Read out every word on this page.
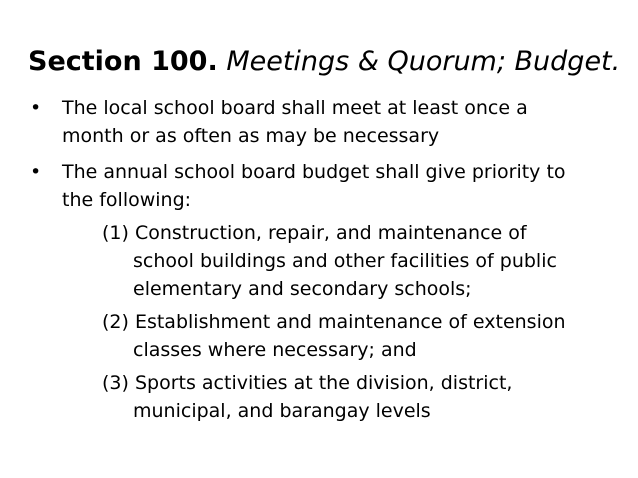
Section 100. Meetings & Quorum; Budget.
• The local school board shall meet at least once a month or as often as may be necessary
• The annual school board budget shall give priority to the following:
(1) Construction, repair, and maintenance of school buildings and other facilities of public elementary and secondary schools;
(2) Establishment and maintenance of extension classes where necessary; and
(3) Sports activities at the division, district, municipal, and barangay levels
